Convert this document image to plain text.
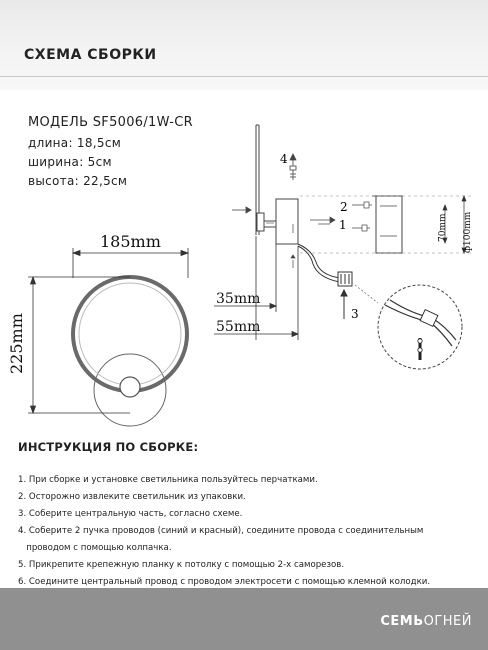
СХЕМА СБОРКИ
МОДЕЛЬ SF5006/1W-CR
длина: 18,5см
ширина: 5см
высота: 22,5см
185mm
225mm
4
3
2
1	70mm ф100mm
35mm
55mm
ИНСТРУКЦИЯ ПО СБОРКЕ:
1. При сборке и установке светильника пользуйтесь перчатками.
2. Осторожно извлеките светильник из упаковки.
3. Соберите центральную часть, согласно схеме.
4. Соберите 2 пучка проводов (синий и красный), соедините провода с соединительным
проводом с помощью колпачка.
5. Прикрепите крепежную планку к потолку с помощью 2-х саморезов.
6. Соедините центральный провод с проводом электросети с помощью клемной колодки.
СЕМЬОГНЕЙ
